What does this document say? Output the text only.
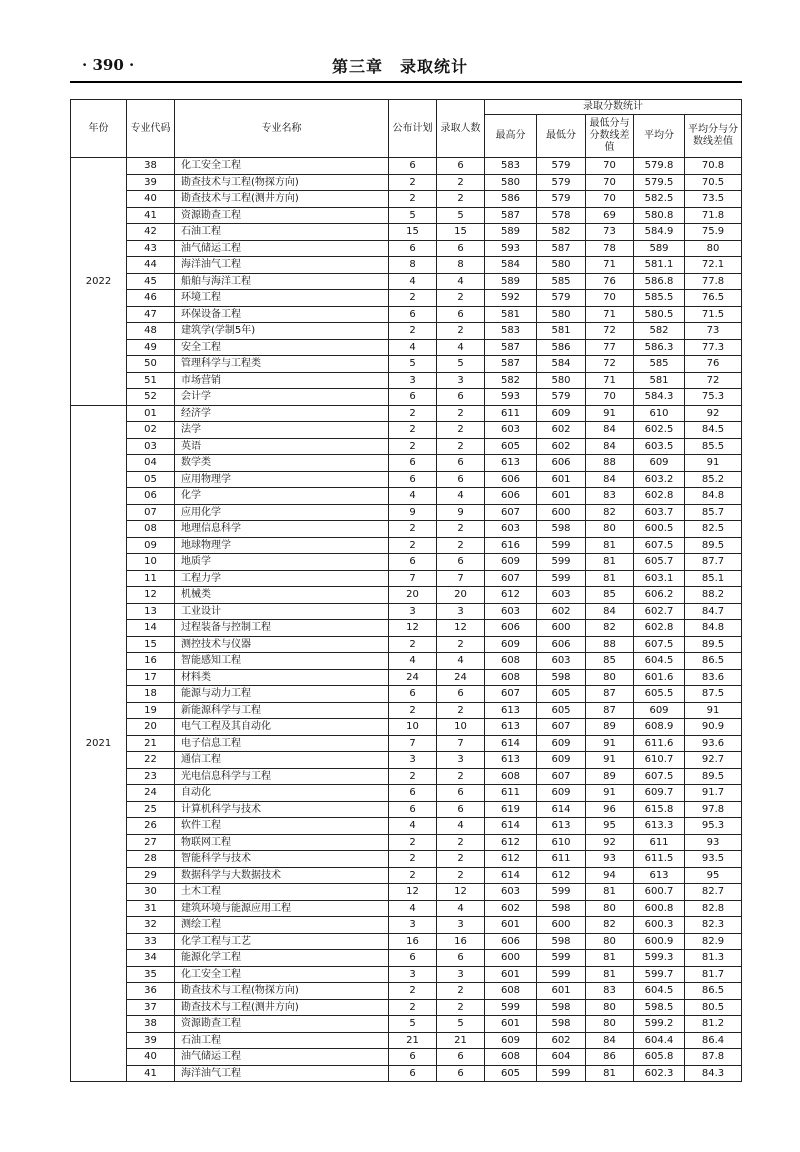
· 390 ·	第三章　录取统计
年份	专业代码	专业名称	公布计划	录取人数	录取分数统计				
					最高分	最低分	最低分与分数线差值	平均分	平均分与分数线差值
2022	38	化工安全工程	6	6	583	579	70	579.8	70.8
	39	勘查技术与工程(物探方向)	2	2	580	579	70	579.5	70.5
	40	勘查技术与工程(测井方向)	2	2	586	579	70	582.5	73.5
	41	资源勘查工程	5	5	587	578	69	580.8	71.8
	42	石油工程	15	15	589	582	73	584.9	75.9
	43	油气储运工程	6	6	593	587	78	589	80
	44	海洋油气工程	8	8	584	580	71	581.1	72.1
	45	船舶与海洋工程	4	4	589	585	76	586.8	77.8
	46	环境工程	2	2	592	579	70	585.5	76.5
	47	环保设备工程	6	6	581	580	71	580.5	71.5
	48	建筑学(学制5年)	2	2	583	581	72	582	73
	49	安全工程	4	4	587	586	77	586.3	77.3
	50	管理科学与工程类	5	5	587	584	72	585	76
	51	市场营销	3	3	582	580	71	581	72
	52	会计学	6	6	593	579	70	584.3	75.3
2021	01	经济学	2	2	611	609	91	610	92
	02	法学	2	2	603	602	84	602.5	84.5
	03	英语	2	2	605	602	84	603.5	85.5
	04	数学类	6	6	613	606	88	609	91
	05	应用物理学	6	6	606	601	84	603.2	85.2
	06	化学	4	4	606	601	83	602.8	84.8
	07	应用化学	9	9	607	600	82	603.7	85.7
	08	地理信息科学	2	2	603	598	80	600.5	82.5
	09	地球物理学	2	2	616	599	81	607.5	89.5
	10	地质学	6	6	609	599	81	605.7	87.7
	11	工程力学	7	7	607	599	81	603.1	85.1
	12	机械类	20	20	612	603	85	606.2	88.2
	13	工业设计	3	3	603	602	84	602.7	84.7
	14	过程装备与控制工程	12	12	606	600	82	602.8	84.8
	15	测控技术与仪器	2	2	609	606	88	607.5	89.5
	16	智能感知工程	4	4	608	603	85	604.5	86.5
	17	材料类	24	24	608	598	80	601.6	83.6
	18	能源与动力工程	6	6	607	605	87	605.5	87.5
	19	新能源科学与工程	2	2	613	605	87	609	91
	20	电气工程及其自动化	10	10	613	607	89	608.9	90.9
	21	电子信息工程	7	7	614	609	91	611.6	93.6
	22	通信工程	3	3	613	609	91	610.7	92.7
	23	光电信息科学与工程	2	2	608	607	89	607.5	89.5
	24	自动化	6	6	611	609	91	609.7	91.7
	25	计算机科学与技术	6	6	619	614	96	615.8	97.8
	26	软件工程	4	4	614	613	95	613.3	95.3
	27	物联网工程	2	2	612	610	92	611	93
	28	智能科学与技术	2	2	612	611	93	611.5	93.5
	29	数据科学与大数据技术	2	2	614	612	94	613	95
	30	土木工程	12	12	603	599	81	600.7	82.7
	31	建筑环境与能源应用工程	4	4	602	598	80	600.8	82.8
	32	测绘工程	3	3	601	600	82	600.3	82.3
	33	化学工程与工艺	16	16	606	598	80	600.9	82.9
	34	能源化学工程	6	6	600	599	81	599.3	81.3
	35	化工安全工程	3	3	601	599	81	599.7	81.7
	36	勘查技术与工程(物探方向)	2	2	608	601	83	604.5	86.5
	37	勘查技术与工程(测井方向)	2	2	599	598	80	598.5	80.5
	38	资源勘查工程	5	5	601	598	80	599.2	81.2
	39	石油工程	21	21	609	602	84	604.4	86.4
	40	油气储运工程	6	6	608	604	86	605.8	87.8
	41	海洋油气工程	6	6	605	599	81	602.3	84.3
